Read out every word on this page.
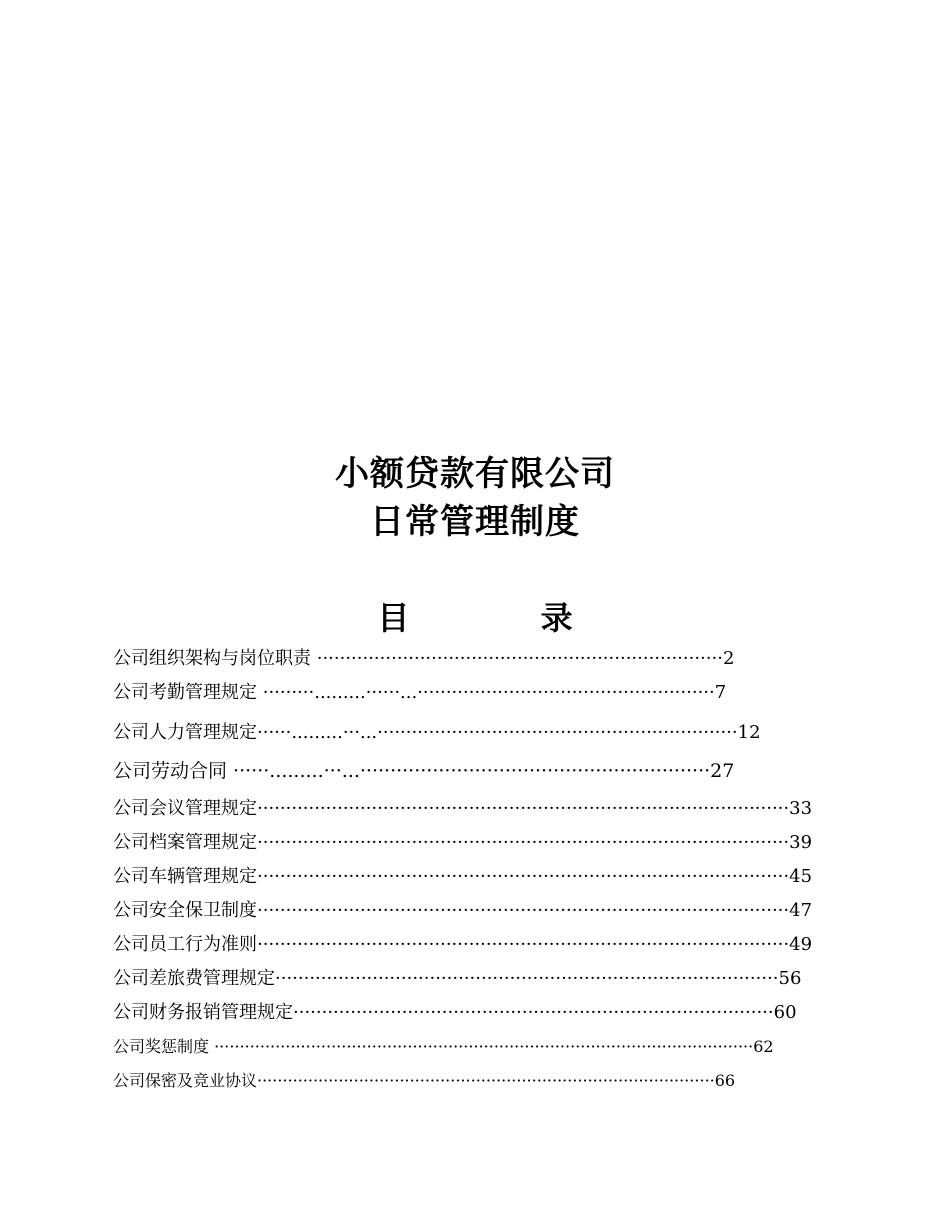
小额贷款有限公司
日常管理制度
目 录
公司组织架构与岗位职责 ·······································································2
公司考勤管理规定 ·········.........······...····················································7
公司人力管理规定······.........···...·······························································12
公司劳动合同 ······.........···...··························································27
公司会议管理规定·····························································································33
公司档案管理规定·····························································································39
公司车辆管理规定·····························································································45
公司安全保卫制度·····························································································47
公司员工行为准则·····························································································49
公司差旅费管理规定························································································56
公司财务报销管理规定····················································································60
公司奖惩制度 ··········································································································62
公司保密及竞业协议··························································································66
